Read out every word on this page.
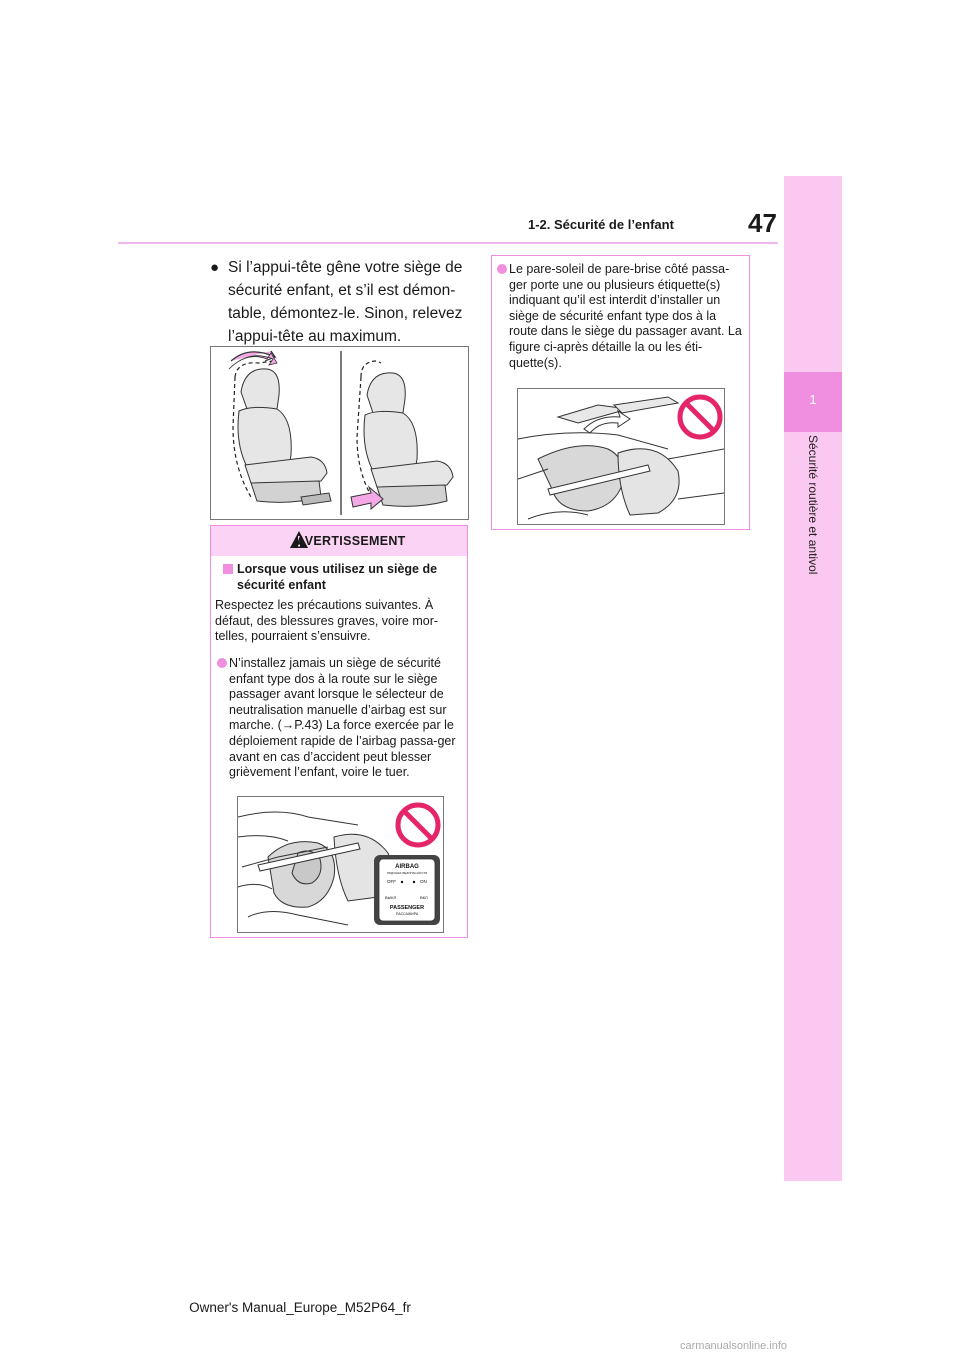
1
Sécurité routière et antivol
47
1-2. Sécurité de l’enfant
● Si l’appui-tête gêne votre siège de sécurité enfant, et s’il est démon-table, démontez-le. Sinon, relevez l’appui-tête au maximum.
AVERTISSEMENT
Lorsque vous utilisez un siège de sécurité enfant
Respectez les précautions suivantes. À défaut, des blessures graves, voire mor-telles, pourraient s’ensuivre.
N’installez jamais un siège de sécurité enfant type dos à la route sur le siège passager avant lorsque le sélecteur de neutralisation manuelle d’airbag est sur marche. (→P.43) La force exercée par le déploiement rapide de l’airbag passa-ger avant en cas d’accident peut blesser grièvement l’enfant, voire le tuer.
AIRBAG
ПОДУШКА БЕЗОПАСНОСТИ
OFF	ON
ВЫКЛ	ВКЛ
PASSENGER
ПАССАЖИРА
Le pare-soleil de pare-brise côté passa-ger porte une ou plusieurs étiquette(s) indiquant qu’il est interdit d’installer un siège de sécurité enfant type dos à la route dans le siège du passager avant. La figure ci-après détaille la ou les éti-quette(s).
Owner's Manual_Europe_M52P64_fr
carmanualsonline.info
